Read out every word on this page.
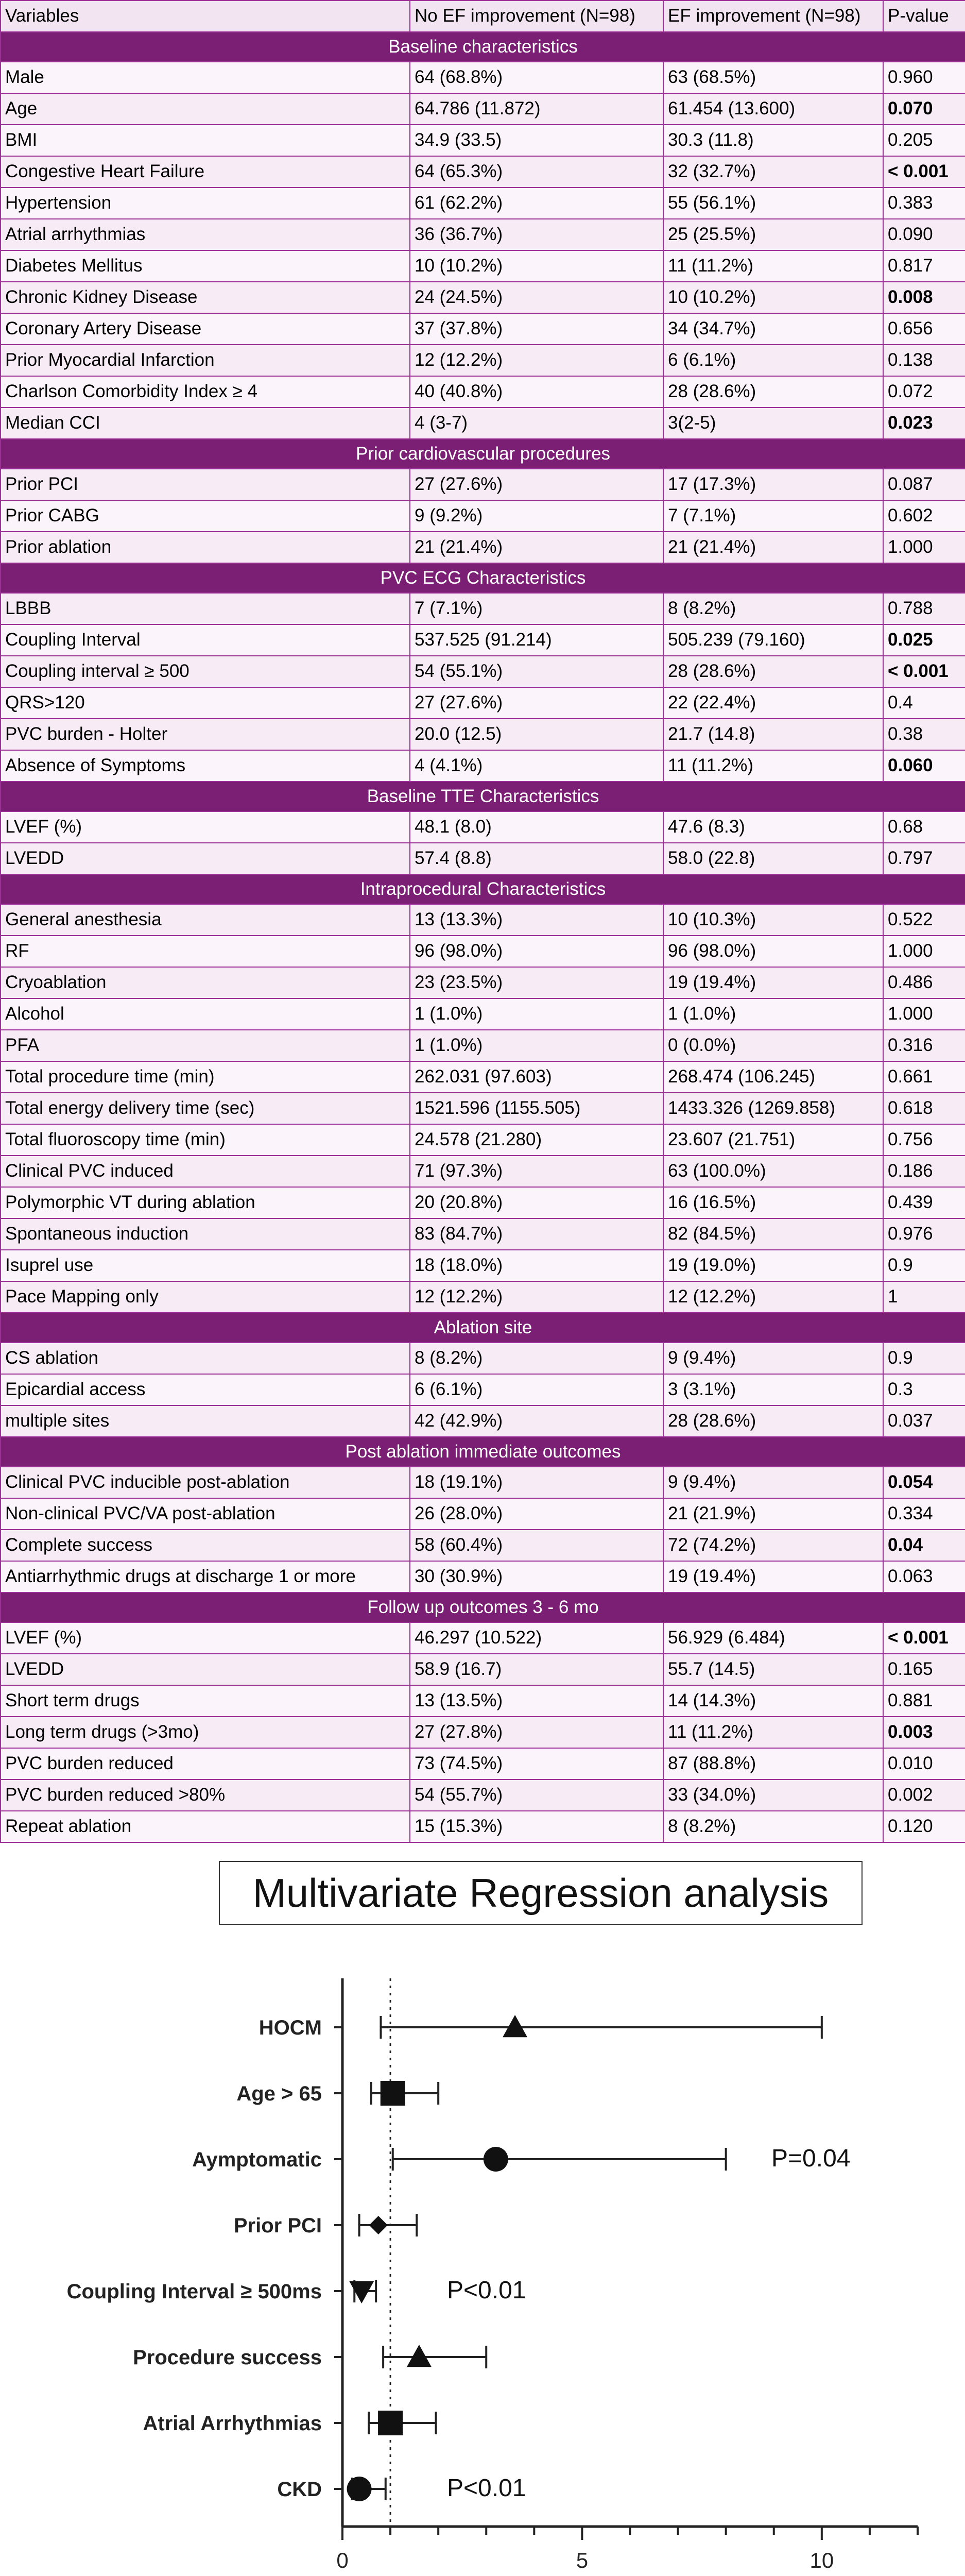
Variables	No EF improvement (N=98)	EF improvement (N=98)	P-value
Baseline characteristics			
Male	64 (68.8%)	63 (68.5%)	0.960
Age	64.786 (11.872)	61.454 (13.600)	0.070
BMI	34.9 (33.5)	30.3 (11.8)	0.205
Congestive Heart Failure	64 (65.3%)	32 (32.7%)	< 0.001
Hypertension	61 (62.2%)	55 (56.1%)	0.383
Atrial arrhythmias	36 (36.7%)	25 (25.5%)	0.090
Diabetes Mellitus	10 (10.2%)	11 (11.2%)	0.817
Chronic Kidney Disease	24 (24.5%)	10 (10.2%)	0.008
Coronary Artery Disease	37 (37.8%)	34 (34.7%)	0.656
Prior Myocardial Infarction	12 (12.2%)	6 (6.1%)	0.138
Charlson Comorbidity Index ≥ 4	40 (40.8%)	28 (28.6%)	0.072
Median CCI	4 (3-7)	3(2-5)	0.023
Prior cardiovascular procedures			
Prior PCI	27 (27.6%)	17 (17.3%)	0.087
Prior CABG	9 (9.2%)	7 (7.1%)	0.602
Prior ablation	21 (21.4%)	21 (21.4%)	1.000
PVC ECG Characteristics			
LBBB	7 (7.1%)	8 (8.2%)	0.788
Coupling Interval	537.525 (91.214)	505.239 (79.160)	0.025
Coupling interval ≥ 500	54 (55.1%)	28 (28.6%)	< 0.001
QRS>120	27 (27.6%)	22 (22.4%)	0.4
PVC burden - Holter	20.0 (12.5)	21.7 (14.8)	0.38
Absence of Symptoms	4 (4.1%)	11 (11.2%)	0.060
Baseline TTE Characteristics			
LVEF (%)	48.1 (8.0)	47.6 (8.3)	0.68
LVEDD	57.4 (8.8)	58.0 (22.8)	0.797
Intraprocedural Characteristics			
General anesthesia	13 (13.3%)	10 (10.3%)	0.522
RF	96 (98.0%)	96 (98.0%)	1.000
Cryoablation	23 (23.5%)	19 (19.4%)	0.486
Alcohol	1 (1.0%)	1 (1.0%)	1.000
PFA	1 (1.0%)	0 (0.0%)	0.316
Total procedure time (min)	262.031 (97.603)	268.474 (106.245)	0.661
Total energy delivery time (sec)	1521.596 (1155.505)	1433.326 (1269.858)	0.618
Total fluoroscopy time (min)	24.578 (21.280)	23.607 (21.751)	0.756
Clinical PVC induced	71 (97.3%)	63 (100.0%)	0.186
Polymorphic VT during ablation	20 (20.8%)	16 (16.5%)	0.439
Spontaneous induction	83 (84.7%)	82 (84.5%)	0.976
Isuprel use	18 (18.0%)	19 (19.0%)	0.9
Pace Mapping only	12 (12.2%)	12 (12.2%)	1
Ablation site			
CS ablation	8 (8.2%)	9 (9.4%)	0.9
Epicardial access	6 (6.1%)	3 (3.1%)	0.3
multiple sites	42 (42.9%)	28 (28.6%)	0.037
Post ablation immediate outcomes			
Clinical PVC inducible post-ablation	18 (19.1%)	9 (9.4%)	0.054
Non-clinical PVC/VA post-ablation	26 (28.0%)	21 (21.9%)	0.334
Complete success	58 (60.4%)	72 (74.2%)	0.04
Antiarrhythmic drugs at discharge 1 or more	30 (30.9%)	19 (19.4%)	0.063
Follow up outcomes 3 - 6 mo			
LVEF (%)	46.297 (10.522)	56.929 (6.484)	< 0.001
LVEDD	58.9 (16.7)	55.7 (14.5)	0.165
Short term drugs	13 (13.5%)	14 (14.3%)	0.881
Long term drugs (>3mo)	27 (27.8%)	11 (11.2%)	0.003
PVC burden reduced	73 (74.5%)	87 (88.8%)	0.010
PVC burden reduced >80%	54 (55.7%)	33 (34.0%)	0.002
Repeat ablation	15 (15.3%)	8 (8.2%)	0.120
Multivariate Regression analysis
0	5	10
HOCM
Age > 65
Aymptomatic	P=0.04
Prior PCI
Coupling Interval ≥ 500ms	P<0.01
Procedure success
Atrial Arrhythmias
CKD	P<0.01
